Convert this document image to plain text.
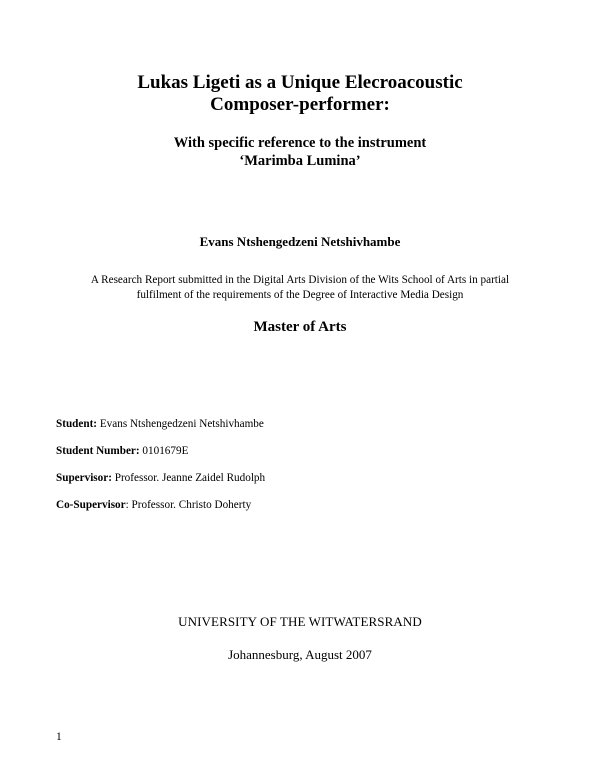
Lukas Ligeti as a Unique Elecroacoustic
Composer-performer:
With specific reference to the instrument
‘Marimba Lumina’
Evans Ntshengedzeni Netshivhambe
A Research Report submitted in the Digital Arts Division of the Wits School of Arts in partial
fulfilment of the requirements of the Degree of Interactive Media Design
Master of Arts
Student: Evans Ntshengedzeni Netshivhambe
Student Number: 0101679E
Supervisor: Professor. Jeanne Zaidel Rudolph
Co-Supervisor: Professor. Christo Doherty
UNIVERSITY OF THE WITWATERSRAND
Johannesburg, August 2007
1
